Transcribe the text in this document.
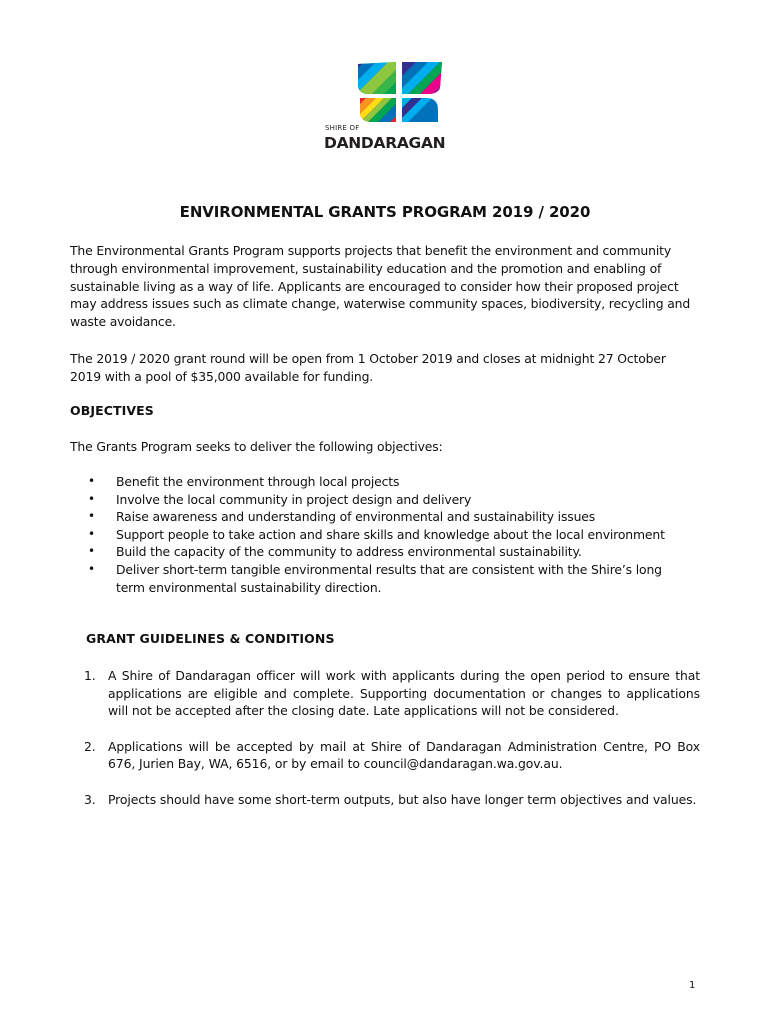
SHIRE OF
DANDARAGAN
ENVIRONMENTAL GRANTS PROGRAM 2019 / 2020

The Environmental Grants Program supports projects that benefit the environment and community through environmental improvement, sustainability education and the promotion and enabling of sustainable living as a way of life. Applicants are encouraged to consider how their proposed project may address issues such as climate change, waterwise community spaces, biodiversity, recycling and waste avoidance.

The 2019 / 2020 grant round will be open from 1 October 2019 and closes at midnight 27 October 2019 with a pool of $35,000 available for funding.

OBJECTIVES

The Grants Program seeks to deliver the following objectives:

• Benefit the environment through local projects
• Involve the local community in project design and delivery
• Raise awareness and understanding of environmental and sustainability issues
• Support people to take action and share skills and knowledge about the local environment
• Build the capacity of the community to address environmental sustainability.
• Deliver short-term tangible environmental results that are consistent with the Shire’s long term environmental sustainability direction.
GRANT GUIDELINES & CONDITIONS
1. A Shire of Dandaragan officer will work with applicants during the open period to ensure that applications are eligible and complete. Supporting documentation or changes to applications will not be accepted after the closing date. Late applications will not be considered.
2. Applications will be accepted by mail at Shire of Dandaragan Administration Centre, PO Box 676, Jurien Bay, WA, 6516, or by email to council@dandaragan.wa.gov.au.
3. Projects should have some short-term outputs, but also have longer term objectives and values.
1
